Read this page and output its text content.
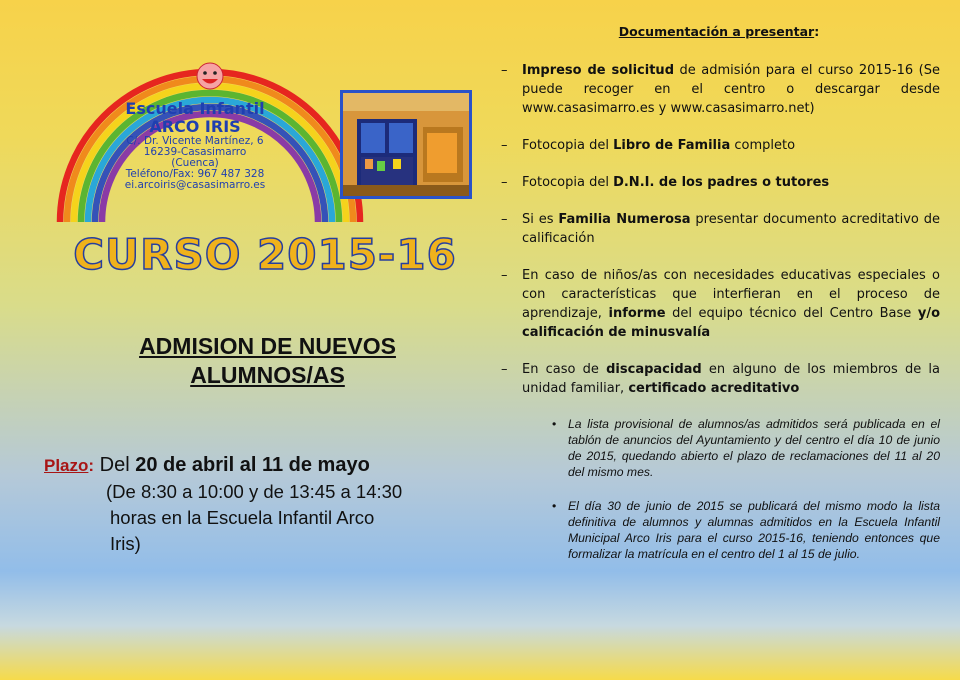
Escuela Infantil
ARCO IRIS
C/. Dr. Vicente Martínez, 6
16239-Casasimarro (Cuenca)
Teléfono/Fax: 967 487 328
ei.arcoiris@casasimarro.es
CURSO 2015-16
ADMISION DE NUEVOS
ALUMNOS/AS
Plazo: Del 20 de abril al 11 de mayo
(De 8:30 a 10:00 y de 13:45 a 14:30
horas en la Escuela Infantil Arco
Iris)
Documentación a presentar:
– Impreso de solicitud de admisión para el curso 2015-16 (Se puede recoger en el centro o descargar desde www.casasimarro.es y www.casasimarro.net)
– Fotocopia del Libro de Familia completo
– Fotocopia del D.N.I. de los padres o tutores
– Si es Familia Numerosa presentar documento acreditativo de calificación
– En caso de niños/as con necesidades educativas especiales o con características que interfieran en el proceso de aprendizaje, informe del equipo técnico del Centro Base y/o calificación de minusvalía
– En caso de discapacidad en alguno de los miembros de la unidad familiar, certificado acreditativo
• La lista provisional de alumnos/as admitidos será publicada en el tablón de anuncios del Ayuntamiento y del centro el día 10 de junio de 2015, quedando abierto el plazo de reclamaciones del 11 al 20 del mismo mes.
• El día 30 de junio de 2015 se publicará del mismo modo la lista definitiva de alumnos y alumnas admitidos en la Escuela Infantil Municipal Arco Iris para el curso 2015-16, teniendo entonces que formalizar la matrícula en el centro del 1 al 15 de julio.
